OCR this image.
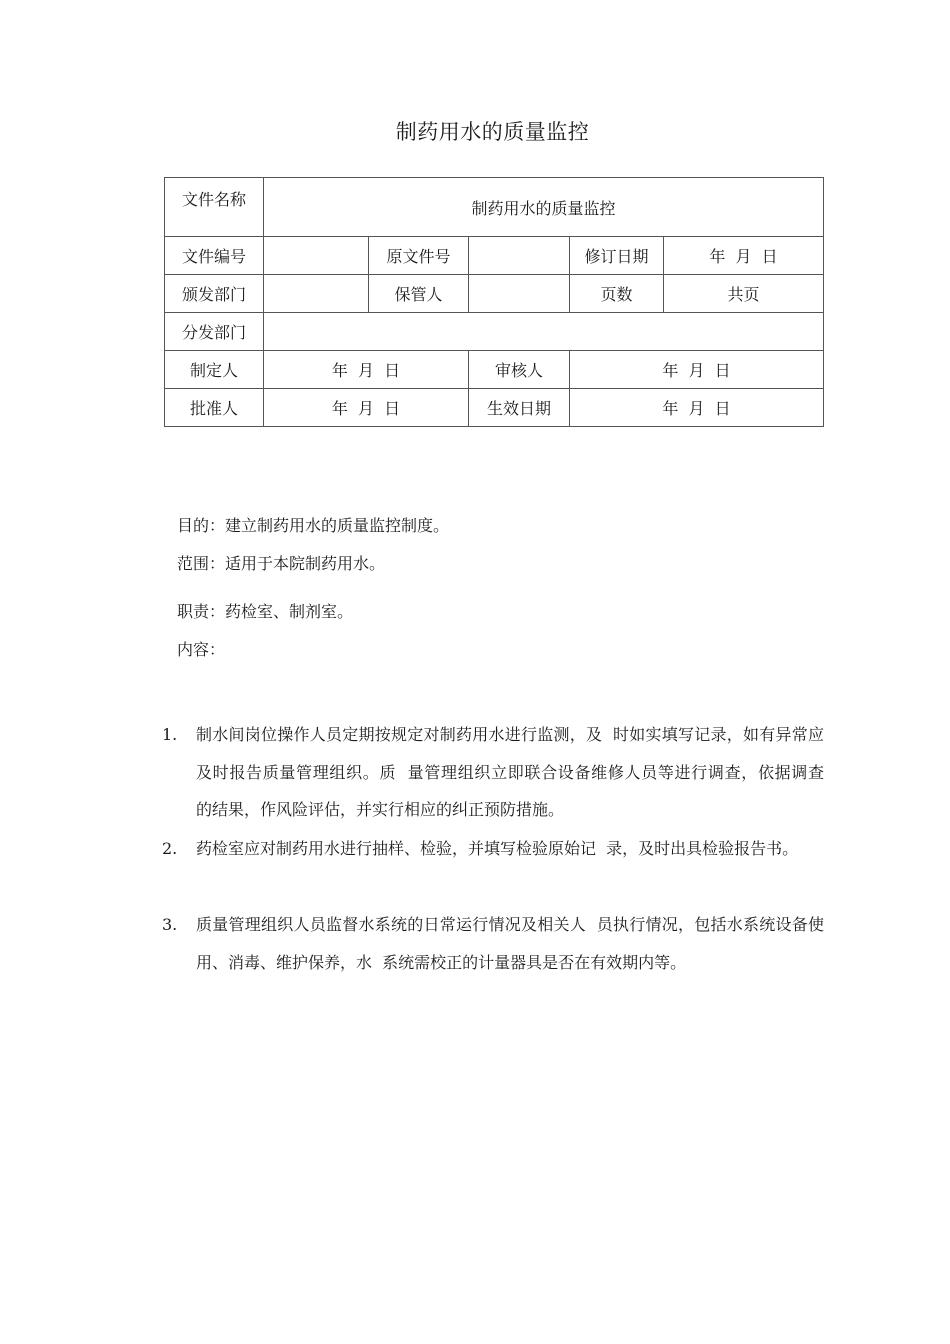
制药用水的质量监控
文件名称	制药用水的质量监控				
文件编号		原文件号		修订日期	年  月  日
颁发部门		保管人		页数	共页
分发部门					
制定人	年  月  日		审核人	年  月  日	
批准人	年  月  日		生效日期	年  月  日	
目的：建立制药用水的质量监控制度。
范围：适用于本院制药用水。
职责：药检室、制剂室。
内容：
1. 制水间岗位操作人员定期按规定对制药用水进行监测，及  时如实填写记录，如有异常应及时报告质量管理组织。质  量管理组织立即联合设备维修人员等进行调查，依据调查  的结果，作风险评估，并实行相应的纠正预防措施。
2. 药检室应对制药用水进行抽样、检验，并填写检验原始记  录，及时出具检验报告书。
3. 质量管理组织人员监督水系统的日常运行情况及相关人  员执行情况，包括水系统设备使用、消毒、维护保养，水  系统需校正的计量器具是否在有效期内等。
